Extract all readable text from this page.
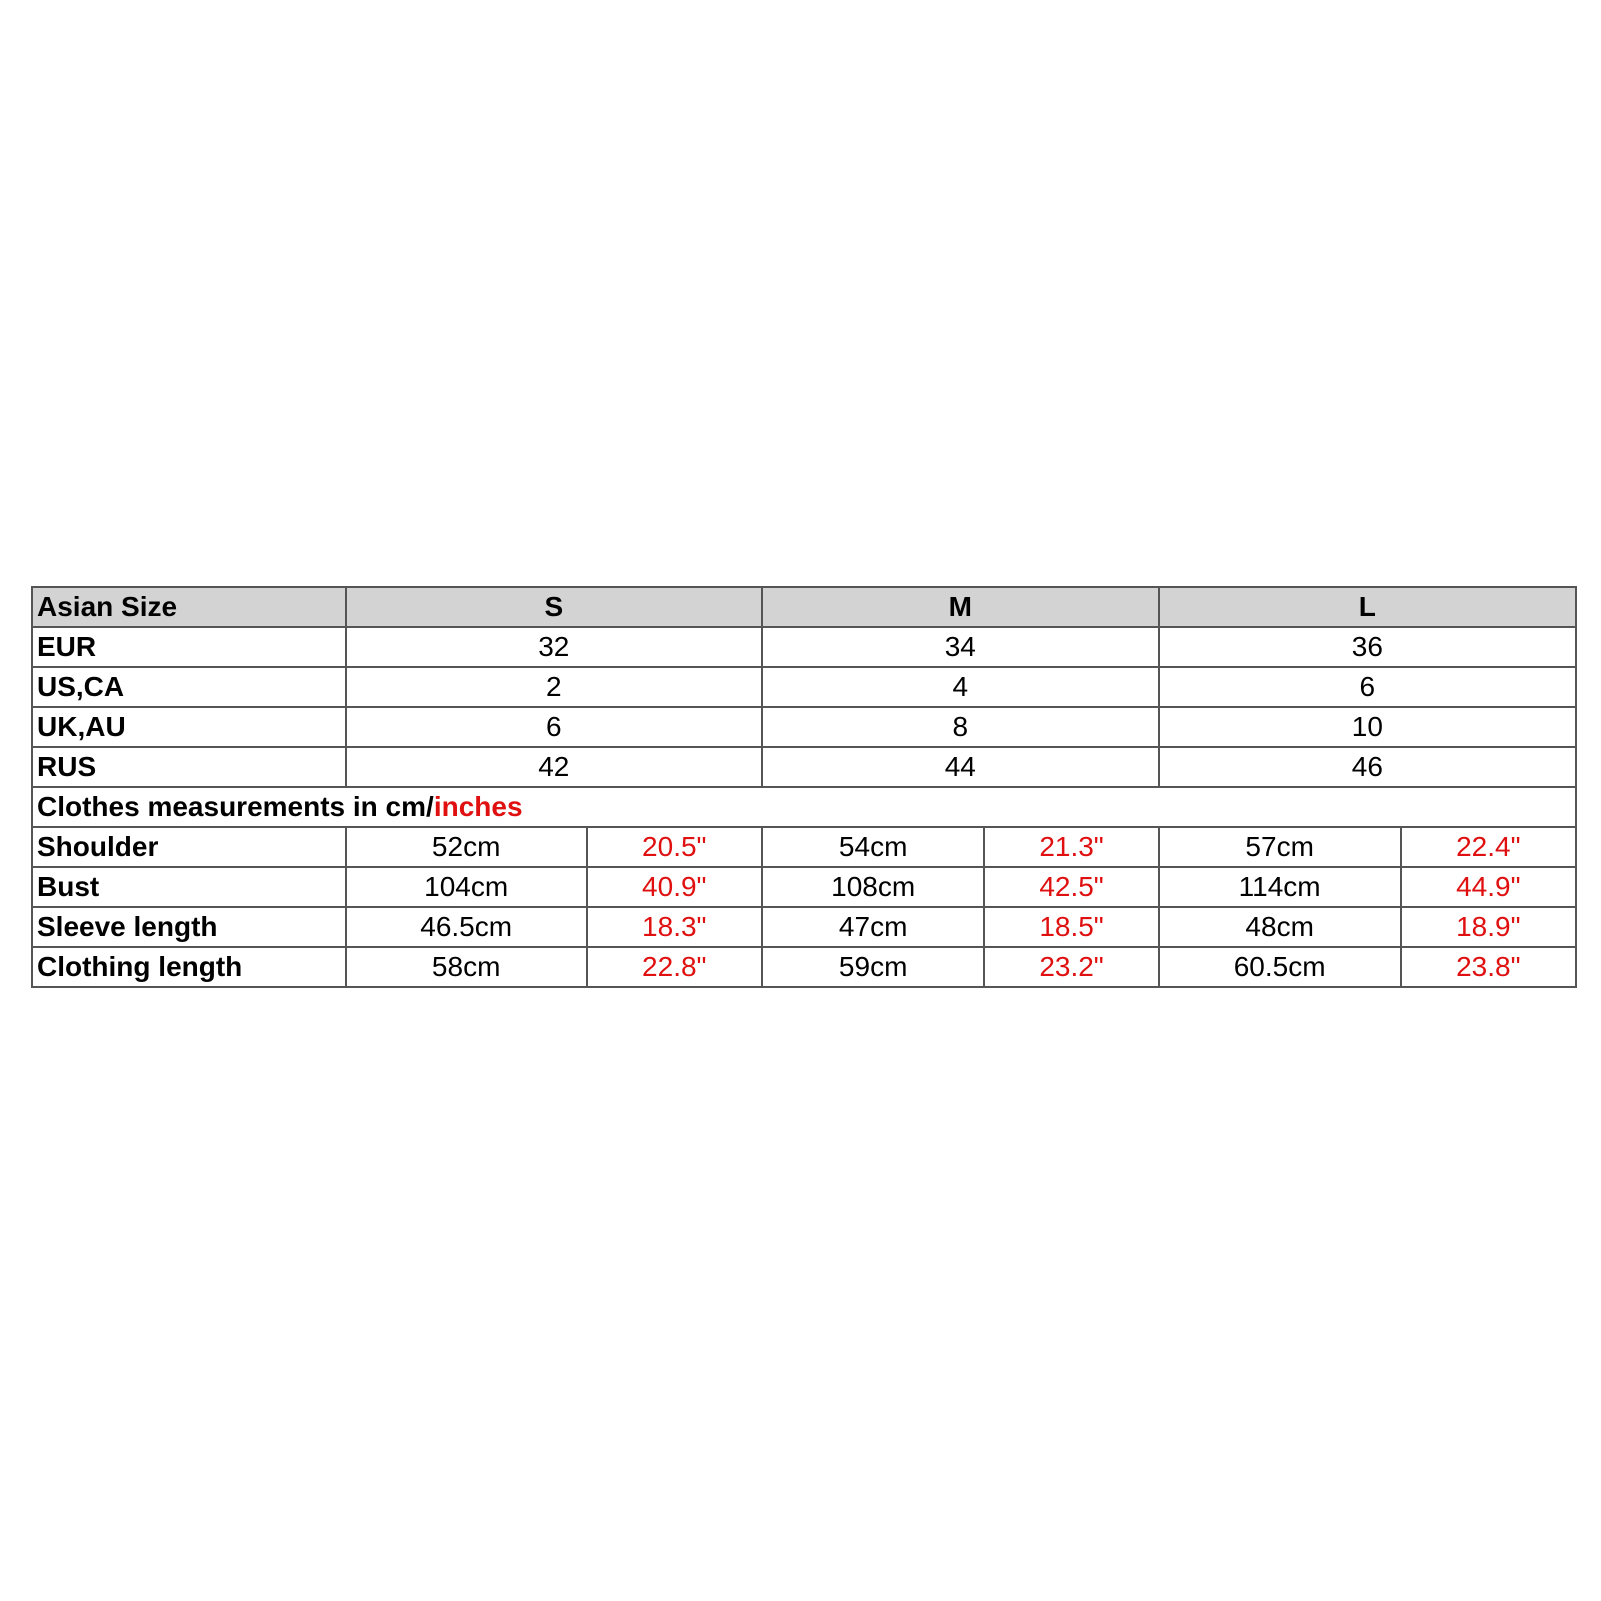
Asian Size	S		M		L	
EUR	32		34		36	
US,CA	2		4		6	
UK,AU	6		8		10	
RUS	42		44		46	
Clothes measurements in cm/inches						
Shoulder	52cm	20.5"	54cm	21.3"	57cm	22.4"
Bust	104cm	40.9"	108cm	42.5"	114cm	44.9"
Sleeve length	46.5cm	18.3"	47cm	18.5"	48cm	18.9"
Clothing length	58cm	22.8"	59cm	23.2"	60.5cm	23.8"
